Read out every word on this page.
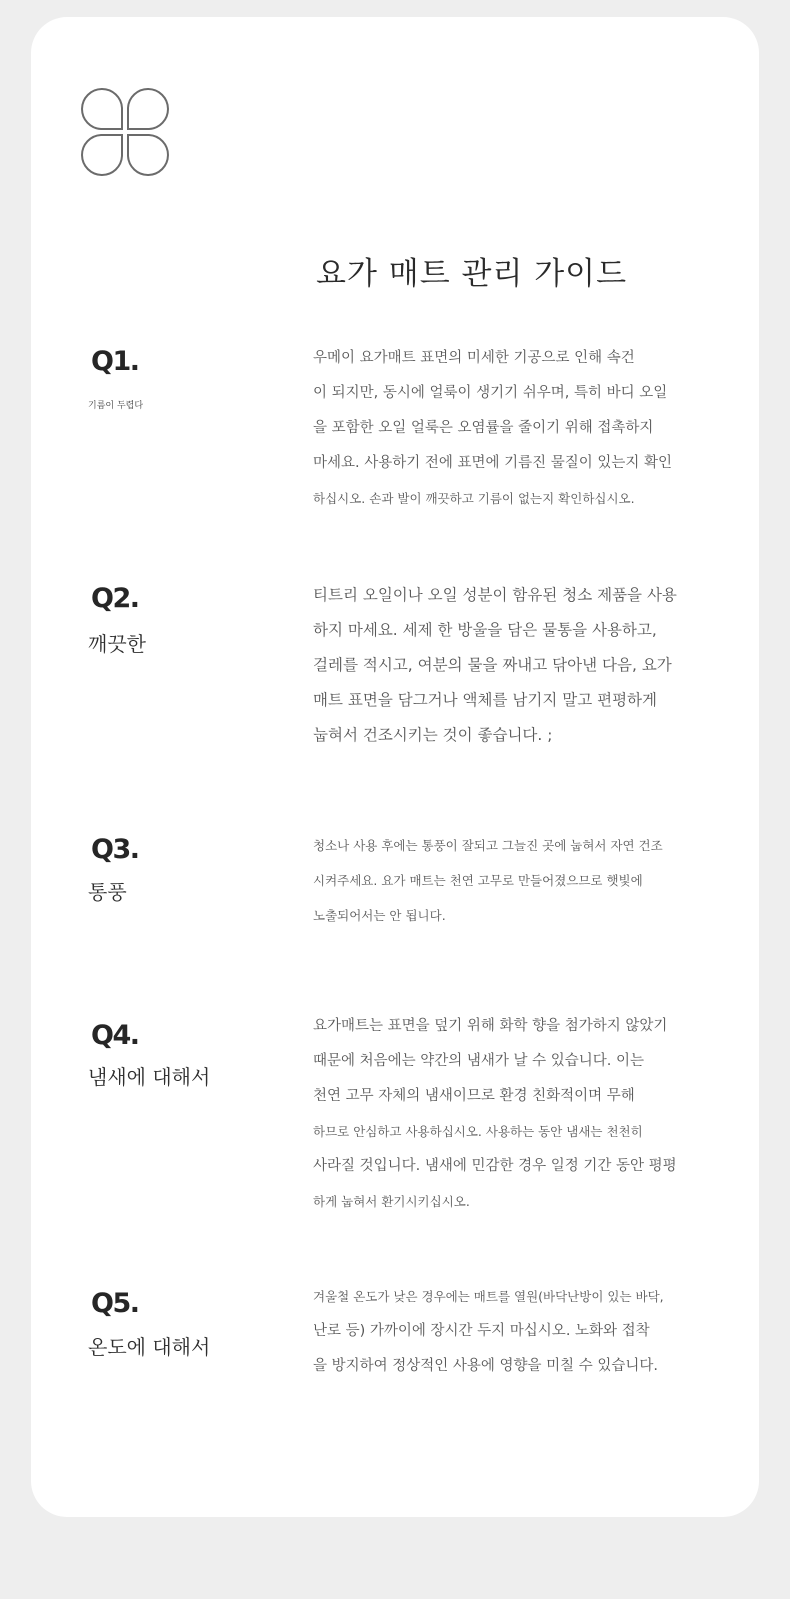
요가 매트 관리 가이드
Q1.
기름이 두렵다
우메이 요가매트 표면의 미세한 기공으로 인해 속건
이 되지만, 동시에 얼룩이 생기기 쉬우며, 특히 바디 오일
을 포함한 오일 얼룩은 오염률을 줄이기 위해 접촉하지
마세요. 사용하기 전에 표면에 기름진 물질이 있는지 확인
하십시오. 손과 발이 깨끗하고 기름이 없는지 확인하십시오.
Q2.
깨끗한
티트리 오일이나 오일 성분이 함유된 청소 제품을 사용
하지 마세요. 세제 한 방울을 담은 물통을 사용하고,
걸레를 적시고, 여분의 물을 짜내고 닦아낸 다음, 요가
매트 표면을 담그거나 액체를 남기지 말고 편평하게
눕혀서 건조시키는 것이 좋습니다. ;
Q3.
통풍
청소나 사용 후에는 통풍이 잘되고 그늘진 곳에 눕혀서 자연 건조
시켜주세요. 요가 매트는 천연 고무로 만들어졌으므로 햇빛에
노출되어서는 안 됩니다.
Q4.
냄새에 대해서
요가매트는 표면을 덮기 위해 화학 향을 첨가하지 않았기
때문에 처음에는 약간의 냄새가 날 수 있습니다. 이는
천연 고무 자체의 냄새이므로 환경 친화적이며 무해
하므로 안심하고 사용하십시오. 사용하는 동안 냄새는 천천히
사라질 것입니다. 냄새에 민감한 경우 일정 기간 동안 평평
하게 눕혀서 환기시키십시오.
Q5.
온도에 대해서
겨울철 온도가 낮은 경우에는 매트를 열원(바닥난방이 있는 바닥,
난로 등) 가까이에 장시간 두지 마십시오. 노화와 접착
을 방지하여 정상적인 사용에 영향을 미칠 수 있습니다.
